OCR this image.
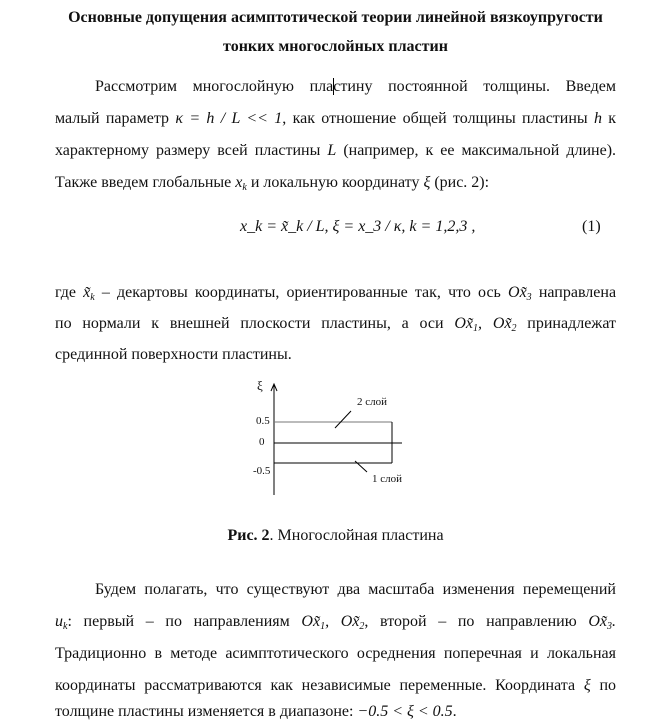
Основные допущения асимптотической теории линейной вязкоупругости
тонких многослойных пластин
Рассмотрим многослойную пластину постоянной толщины. Введем
малый параметр κ = h / L << 1, как отношение общей толщины пластины h к
характерному размеру всей пластины L (например, к ее максимальной длине).
Также введем глобальные $x_k$ и локальную координату ξ (рис. 2):
x_k = x̃_k / L, ξ = x_3 / κ, k = 1,2,3 ,	(1)
где $x̃_k$ – декартовы координаты, ориентированные так, что ось $Ox̃_3$ направлена
по нормали к внешней плоскости пластины, а оси $Ox̃_1$, $Ox̃_2$ принадлежат
срединной поверхности пластины.
ξ
0.5
0
-0.5
2 слой
1 слой
Рис. 2. Многослойная пластина
Будем полагать, что существуют два масштаба изменения перемещений
$u_k$: первый – по направлениям $Ox̃_1$, $Ox̃_2$, второй – по направлению $Ox̃_3$.
Традиционно в методе асимптотического осреднения поперечная и локальная
координаты рассматриваются как независимые переменные. Координата ξ по
толщине пластины изменяется в диапазоне: −0.5 < ξ < 0.5.
